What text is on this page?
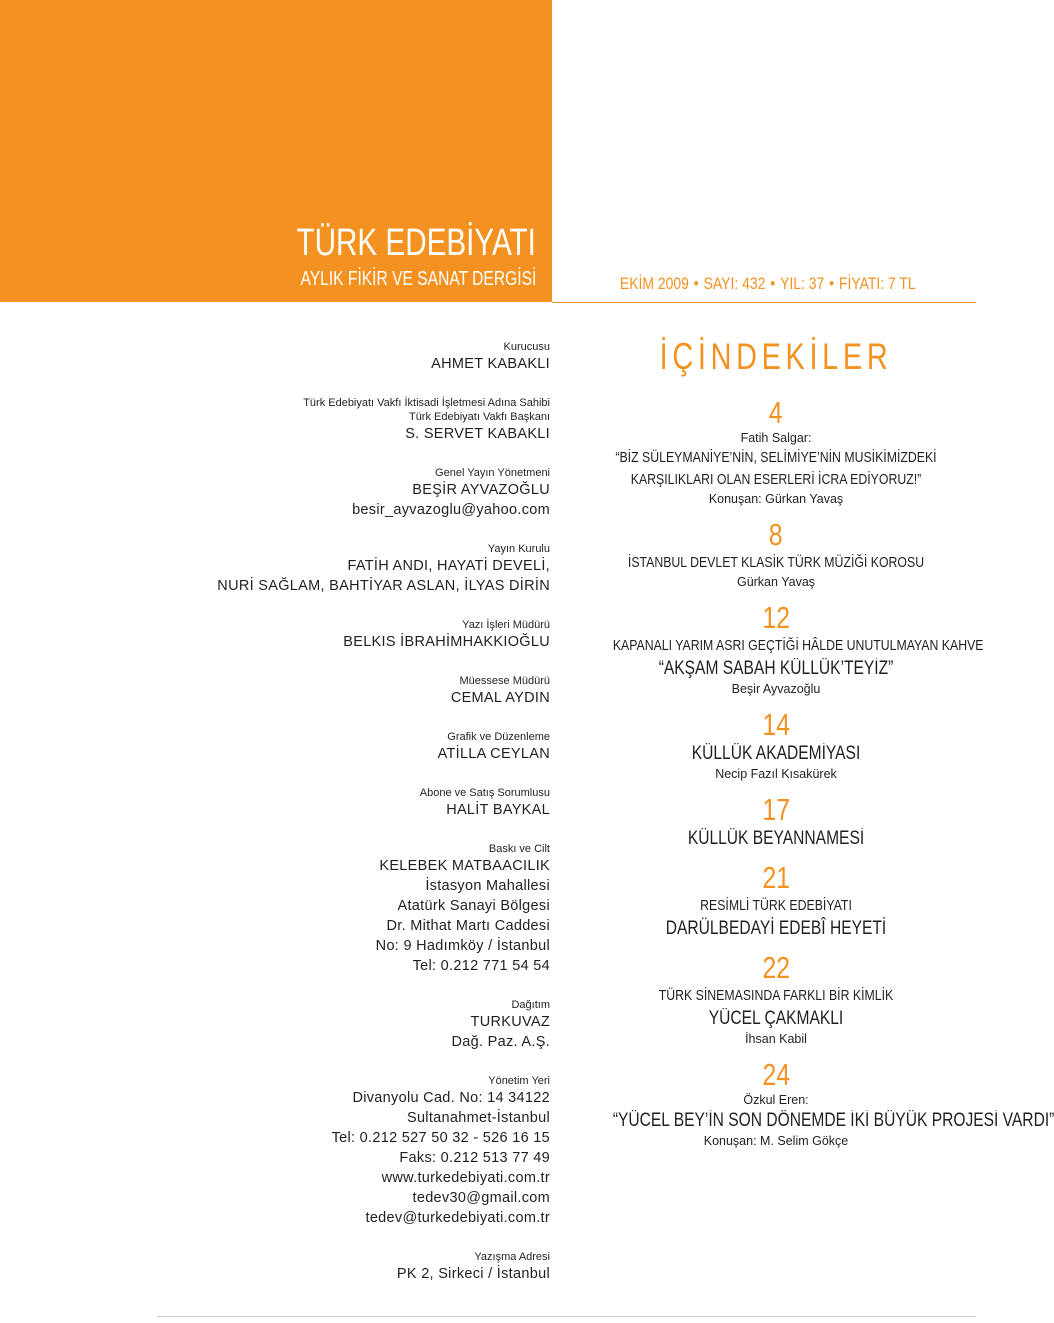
TÜRK EDEBİYATI

AYLIK FİKİR VE SANAT DERGİSİ	EKİM 2009 • SAYI: 432 • YIL: 37 • FİYATI: 7 TL

Kurucusu
AHMET KABAKLI
Türk Edebiyatı Vakfı İktisadi İşletmesi Adına Sahibi
Türk Edebiyatı Vakfı Başkanı
S. SERVET KABAKLI
Genel Yayın Yönetmeni
BEŞİR AYVAZOĞLU
besir_ayvazoglu@yahoo.com
Yayın Kurulu
FATİH ANDI, HAYATİ DEVELİ,
NURİ SAĞLAM, BAHTİYAR ASLAN, İLYAS DİRİN
Yazı İşleri Müdürü
BELKIS İBRAHİMHAKKIOĞLU
Müessese Müdürü
CEMAL AYDIN
Grafik ve Düzenleme
ATİLLA CEYLAN
Abone ve Satış Sorumlusu
HALİT BAYKAL
Baskı ve Cilt
KELEBEK MATBAACILIK
İstasyon Mahallesi
Atatürk Sanayi Bölgesi
Dr. Mithat Martı Caddesi
No: 9 Hadımköy / İstanbul
Tel: 0.212 771 54 54
Dağıtım
TURKUVAZ
Dağ. Paz. A.Ş.
Yönetim Yeri
Divanyolu Cad. No: 14 34122
Sultanahmet-İstanbul
Tel: 0.212 527 50 32 - 526 16 15
Faks: 0.212 513 77 49
www.turkedebiyati.com.tr
tedev30@gmail.com
tedev@turkedebiyati.com.tr
Yazışma Adresi
PK 2, Sirkeci / İstanbul
İÇİNDEKİLER
4
Fatih Salgar:
“BİZ SÜLEYMANİYE’NİN, SELİMİYE’NİN MUSİKİMİZDEKİ
KARŞILIKLARI OLAN ESERLERİ İCRA EDİYORUZ!”
Konuşan: Gürkan Yavaş
8
İSTANBUL DEVLET KLASİK TÜRK MÜZİĞİ KOROSU
Gürkan Yavaş
12
KAPANALI YARIM ASRI GEÇTİĞİ HÂLDE UNUTULMAYAN KAHVE
“AKŞAM SABAH KÜLLÜK’TEYİZ”
Beşir Ayvazoğlu
14
KÜLLÜK AKADEMİYASI
Necip Fazıl Kısakürek
17
KÜLLÜK BEYANNAMESİ
21
RESİMLİ TÜRK EDEBİYATI
DARÜLBEDAYİ EDEBÎ HEYETİ
22
TÜRK SİNEMASINDA FARKLI BİR KİMLİK
YÜCEL ÇAKMAKLI
İhsan Kabil
24
Özkul Eren:
“YÜCEL BEY’İN SON DÖNEMDE İKİ BÜYÜK PROJESİ VARDI”
Konuşan: M. Selim Gökçe
